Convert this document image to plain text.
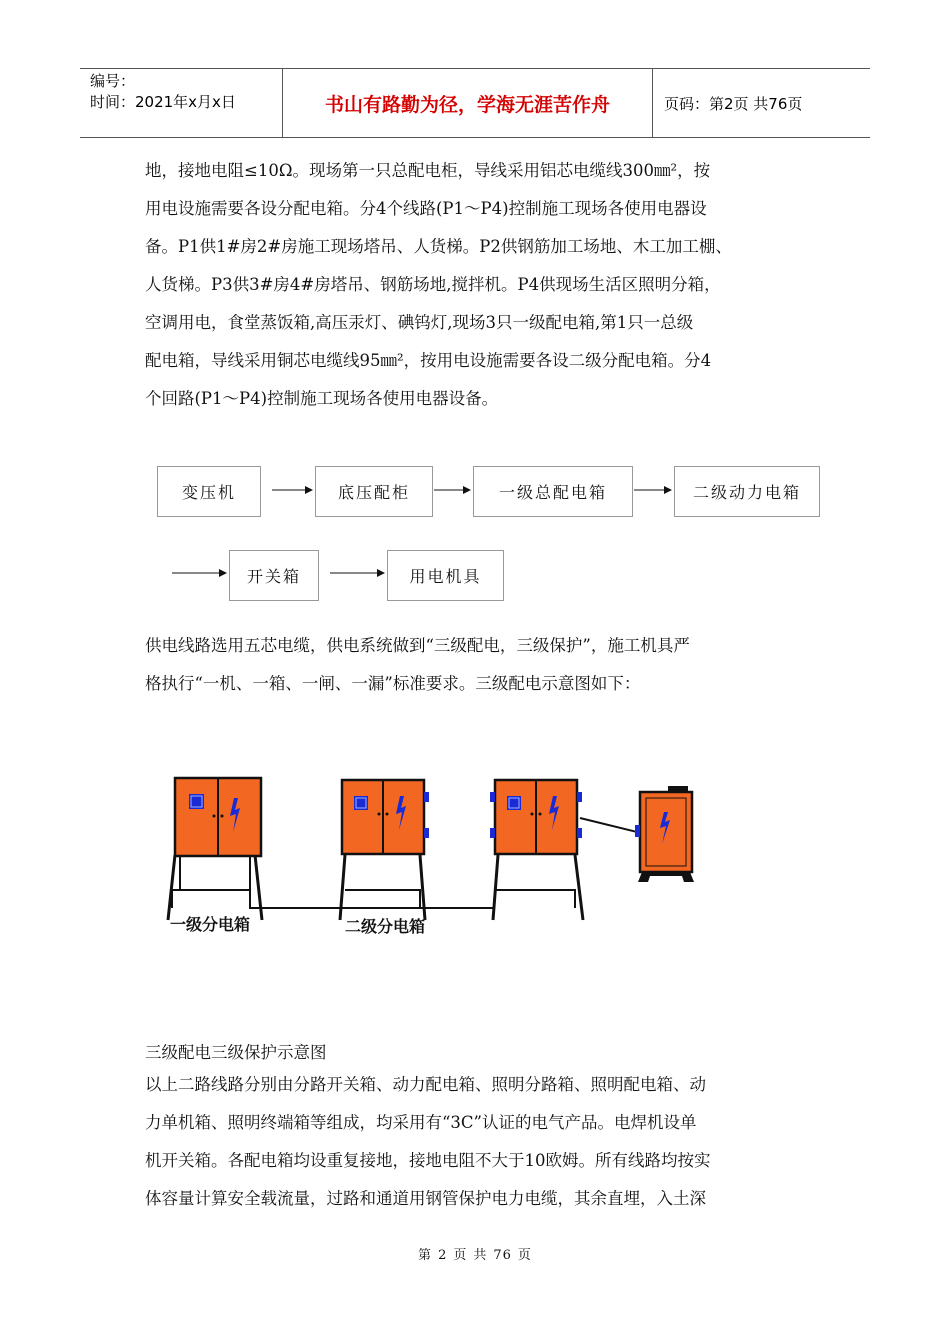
编号：
时间：2021年x月x日	书山有路勤为径，学海无涯苦作舟	页码：第2页 共76页
地，接地电阻≤10Ω。现场第一只总配电柜，导线采用铝芯电缆线300㎜²，按
用电设施需要各设分配电箱。分4个线路(P1～P4)控制施工现场各使用电器设
备。P1供1#房2#房施工现场塔吊、人货梯。P2供钢筋加工场地、木工加工棚、
人货梯。P3供3#房4#房塔吊、钢筋场地,搅拌机。P4供现场生活区照明分箱，
空调用电，食堂蒸饭箱,高压汞灯、碘钨灯,现场3只一级配电箱,第1只一总级
配电箱，导线采用铜芯电缆线95㎜²，按用电设施需要各设二级分配电箱。分4
个回路(P1～P4)控制施工现场各使用电器设备。
变压机	底压配柜	一级总配电箱	二级动力电箱
开关箱	用电机具
供电线路选用五芯电缆，供电系统做到“三级配电，三级保护”，施工机具严
格执行“一机、一箱、一闸、一漏”标准要求。三级配电示意图如下：
一级分电箱	二级分电箱
三级配电三级保护示意图
以上二路线路分别由分路开关箱、动力配电箱、照明分路箱、照明配电箱、动
力单机箱、照明终端箱等组成，均采用有“3C”认证的电气产品。电焊机设单
机开关箱。各配电箱均设重复接地，接地电阻不大于10欧姆。所有线路均按实
体容量计算安全载流量，过路和通道用钢管保护电力电缆，其余直埋，入土深
第 2 页 共 76 页
